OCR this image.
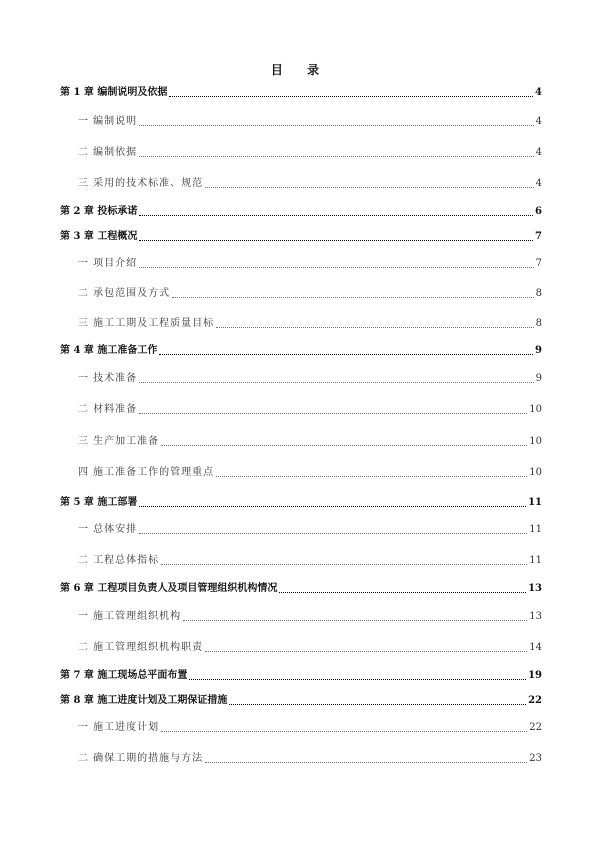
目 录
第 1 章 编制说明及依据	4
一 编制说明	4
二 编制依据	4
三 采用的技术标准、规范	4
第 2 章 投标承诺	6
第 3 章 工程概况	7
一 项目介绍	7
二 承包范围及方式	8
三 施工工期及工程质量目标	8
第 4 章 施工准备工作	9
一 技术准备	9
二 材料准备	10
三 生产加工准备	10
四 施工准备工作的管理重点	10
第 5 章 施工部署	11
一 总体安排	11
二 工程总体指标	11
第 6 章 工程项目负责人及项目管理组织机构情况	13
一 施工管理组织机构	13
二 施工管理组织机构职责	14
第 7 章 施工现场总平面布置	19
第 8 章 施工进度计划及工期保证措施	22
一 施工进度计划	22
二 确保工期的措施与方法	23
